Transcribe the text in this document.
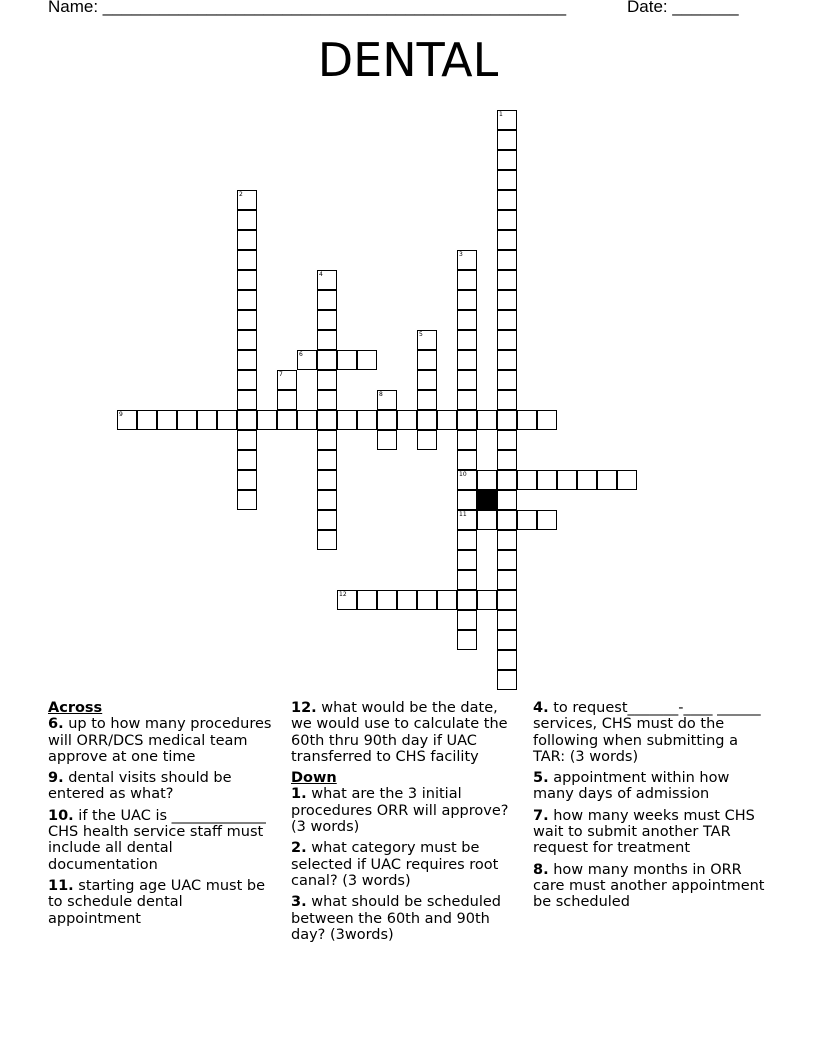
Name: _________________________________________________	Date: _______
DENTAL
1
2
3
10
11
4
5
6
7
8
9
12
Across
6. up to how many procedures will ORR/DCS medical team approve at one time
9. dental visits should be entered as what?
10. if the UAC is _____________ CHS health service staff must include all dental documentation
11. starting age UAC must be to schedule dental appointment
12. what would be the date, we would use to calculate the 60th thru 90th day if UAC transferred to CHS facility
Down
1. what are the 3 initial procedures ORR will approve? (3 words)
2. what category must be selected if UAC requires root canal? (3 words)
3. what should be scheduled between the 60th and 90th day? (3words)
4. to request_______-____ ______ services, CHS must do the following when submitting a TAR: (3 words)
5. appointment within how many days of admission
7. how many weeks must CHS wait to submit another TAR request for treatment
8. how many months in ORR care must another appointment be scheduled
